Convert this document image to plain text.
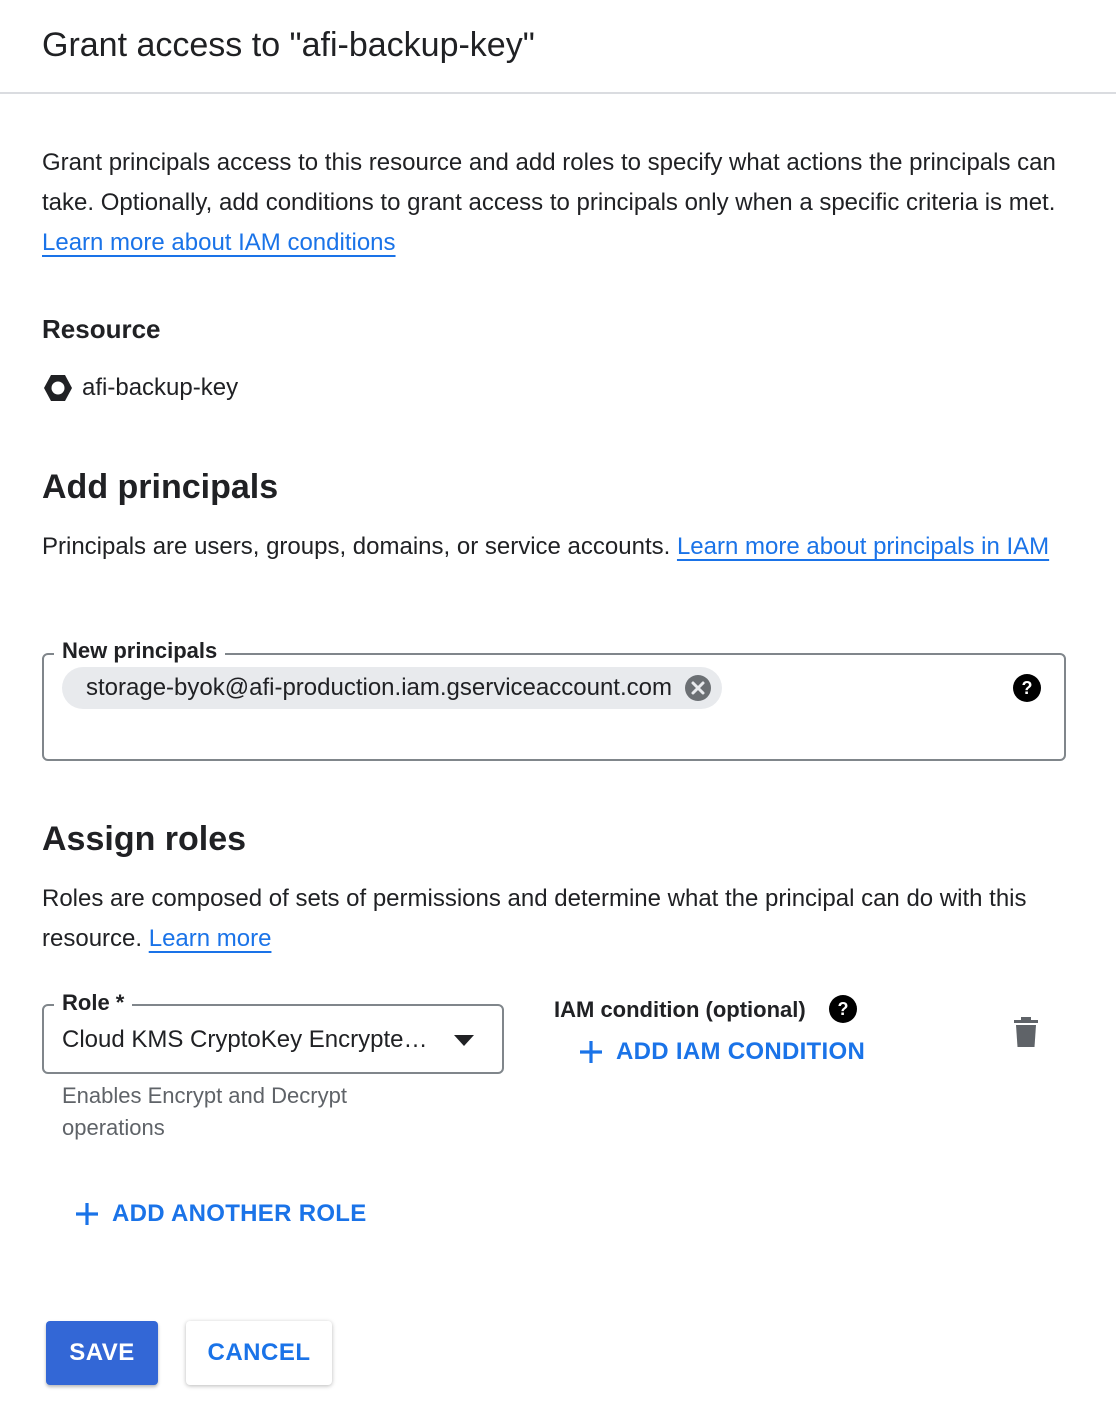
Grant access to "afi-backup-key"

Grant principals access to this resource and add roles to specify what actions the principals can take. Optionally, add conditions to grant access to principals only when a specific criteria is met. Learn more about IAM conditions

Resource
afi-backup-key
Add principals

Principals are users, groups, domains, or service accounts. Learn more about principals in IAM

New principals
storage-byok@afi-production.iam.gserviceaccount.com	?
Assign roles

Roles are composed of sets of permissions and determine what the principal can do with this resource. Learn more

Role *
Cloud KMS CryptoKey Encrypte…
Enables Encrypt and Decrypt operations
IAM condition (optional) ?
ADD IAM CONDITION
ADD ANOTHER ROLE
SAVE	CANCEL
